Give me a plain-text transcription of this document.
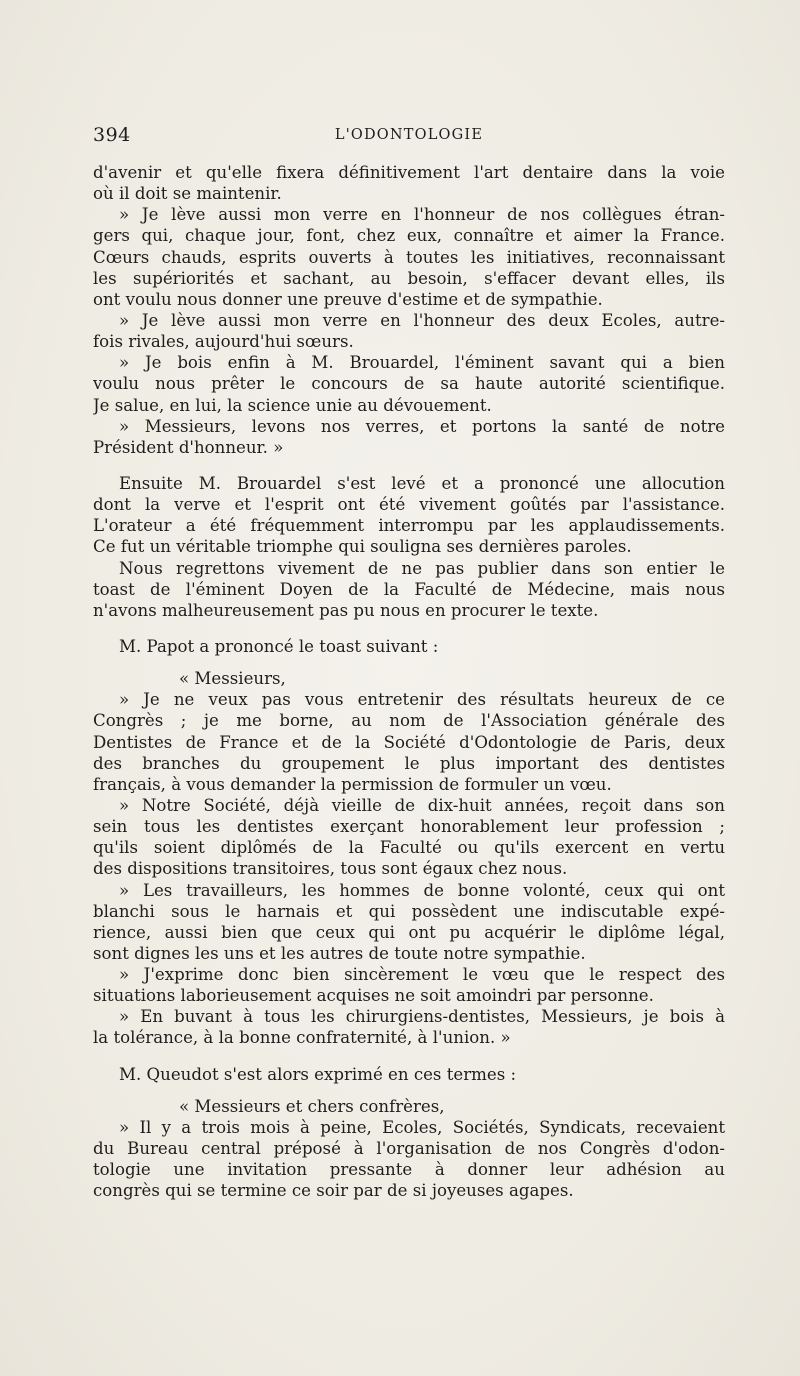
394	L'ODONTOLOGIE
d'avenir et qu'elle fixera définitivement l'art dentaire dans la voie
où il doit se maintenir.
» Je lève aussi mon verre en l'honneur de nos collègues étran-
gers qui, chaque jour, font, chez eux, connaître et aimer la France.
Cœurs chauds, esprits ouverts à toutes les initiatives, reconnaissant
les supériorités et sachant, au besoin, s'effacer devant elles, ils
ont voulu nous donner une preuve d'estime et de sympathie.
» Je lève aussi mon verre en l'honneur des deux Ecoles, autre-
fois rivales, aujourd'hui sœurs.
» Je bois enfin à M. Brouardel, l'éminent savant qui a bien
voulu nous prêter le concours de sa haute autorité scientifique.
Je salue, en lui, la science unie au dévouement.
» Messieurs, levons nos verres, et portons la santé de notre
Président d'honneur. »
Ensuite M. Brouardel s'est levé et a prononcé une allocution
dont la verve et l'esprit ont été vivement goûtés par l'assistance.
L'orateur a été fréquemment interrompu par les applaudissements.
Ce fut un véritable triomphe qui souligna ses dernières paroles.
Nous regrettons vivement de ne pas publier dans son entier le
toast de l'éminent Doyen de la Faculté de Médecine, mais nous
n'avons malheureusement pas pu nous en procurer le texte.
M. Papot a prononcé le toast suivant :
« Messieurs,
» Je ne veux pas vous entretenir des résultats heureux de ce
Congrès ; je me borne, au nom de l'Association générale des
Dentistes de France et de la Société d'Odontologie de Paris, deux
des branches du groupement le plus important des dentistes
français, à vous demander la permission de formuler un vœu.
» Notre Société, déjà vieille de dix-huit années, reçoit dans son
sein tous les dentistes exerçant honorablement leur profession ;
qu'ils soient diplômés de la Faculté ou qu'ils exercent en vertu
des dispositions transitoires, tous sont égaux chez nous.
» Les travailleurs, les hommes de bonne volonté, ceux qui ont
blanchi sous le harnais et qui possèdent une indiscutable expé-
rience, aussi bien que ceux qui ont pu acquérir le diplôme légal,
sont dignes les uns et les autres de toute notre sympathie.
» J'exprime donc bien sincèrement le vœu que le respect des
situations laborieusement acquises ne soit amoindri par personne.
» En buvant à tous les chirurgiens-dentistes, Messieurs, je bois à
la tolérance, à la bonne confraternité, à l'union. »
M. Queudot s'est alors exprimé en ces termes :
« Messieurs et chers confrères,
» Il y a trois mois à peine, Ecoles, Sociétés, Syndicats, recevaient
du Bureau central préposé à l'organisation de nos Congrès d'odon-
tologie une invitation pressante à donner leur adhésion au
congrès qui se termine ce soir par de si joyeuses agapes.
